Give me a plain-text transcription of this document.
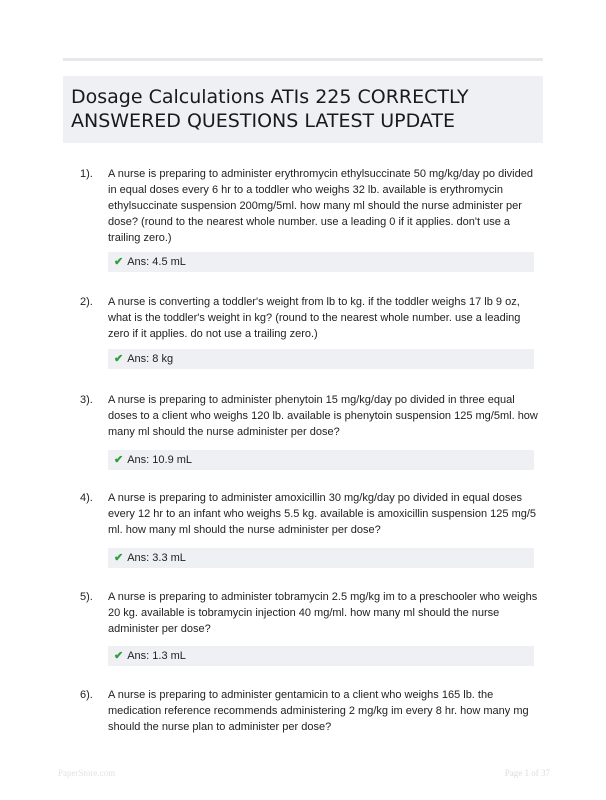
Dosage Calculations ATIs 225 CORRECTLY
ANSWERED QUESTIONS LATEST UPDATE
1). A nurse is preparing to administer erythromycin ethylsuccinate 50 mg/kg/day po divided in equal doses every 6 hr to a toddler who weighs 32 lb. available is erythromycin ethylsuccinate suspension 200mg/5ml. how many ml should the nurse administer per dose? (round to the nearest whole number. use a leading 0 if it applies. don't use a trailing zero.)
✔ Ans: 4.5 mL
2). A nurse is converting a toddler's weight from lb to kg. if the toddler weighs 17 lb 9 oz, what is the toddler's weight in kg? (round to the nearest whole number. use a leading zero if it applies. do not use a trailing zero.)
✔ Ans: 8 kg
3). A nurse is preparing to administer phenytoin 15 mg/kg/day po divided in three equal doses to a client who weighs 120 lb. available is phenytoin suspension 125 mg/5ml. how many ml should the nurse administer per dose?
✔ Ans: 10.9 mL
4). A nurse is preparing to administer amoxicillin 30 mg/kg/day po divided in equal doses every 12 hr to an infant who weighs 5.5 kg. available is amoxicillin suspension 125 mg/5 ml. how many ml should the nurse administer per dose?
✔ Ans: 3.3 mL
5). A nurse is preparing to administer tobramycin 2.5 mg/kg im to a preschooler who weighs 20 kg. available is tobramycin injection 40 mg/ml. how many ml should the nurse administer per dose?
✔ Ans: 1.3 mL
6). A nurse is preparing to administer gentamicin to a client who weighs 165 lb. the medication reference recommends administering 2 mg/kg im every 8 hr. how many mg should the nurse plan to administer per dose?
PaperStore.com	Page 1 of 37
